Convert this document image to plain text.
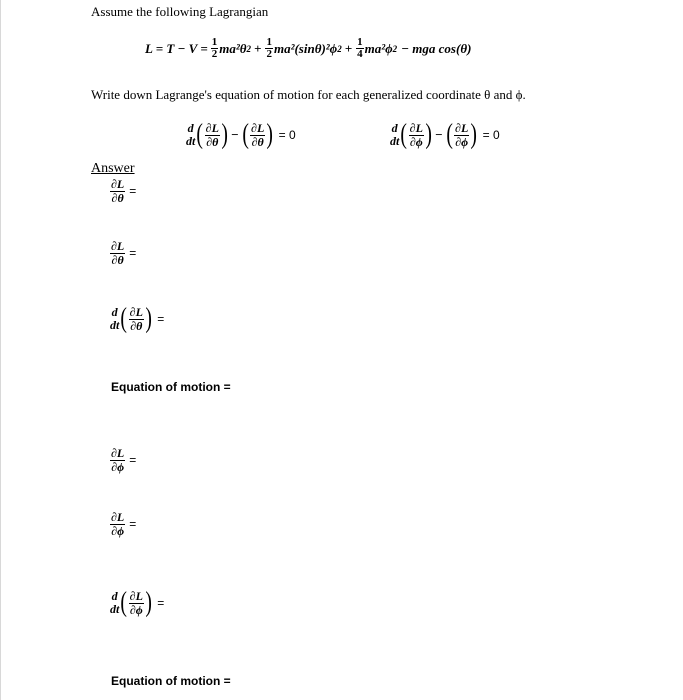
Assume the following Lagrangian
$L = T - V = \frac{1}{2} ma^2\theta$ $2 + \frac{1}{2} ma^2(\sin\theta)^2\phi$ $2 + \frac{1}{4} ma^2\phi$ 2 − mga cos(θ)
Write down Lagrange's equation of motion for each generalized coordinate θ and ϕ.
d
dt ( $\frac{\partial L}{\partial\theta}$ ) − ( $\frac{\partial L}{\partial\theta}$ ) = 0	d
dt ( $\frac{\partial L}{\partial\phi}$ ) − ( $\frac{\partial L}{\partial\phi}$ ) = 0
Answer
$\frac{\partial L}{\partial\theta}$ =
$\frac{\partial L}{\partial\theta}$ =
d
dt ( $\frac{\partial L}{\partial\theta}$ ) =
Equation of motion =
$\frac{\partial L}{\partial\phi}$ =
$\frac{\partial L}{\partial\phi}$ =
d
dt ( $\frac{\partial L}{\partial\phi}$ ) =
Equation of motion =
